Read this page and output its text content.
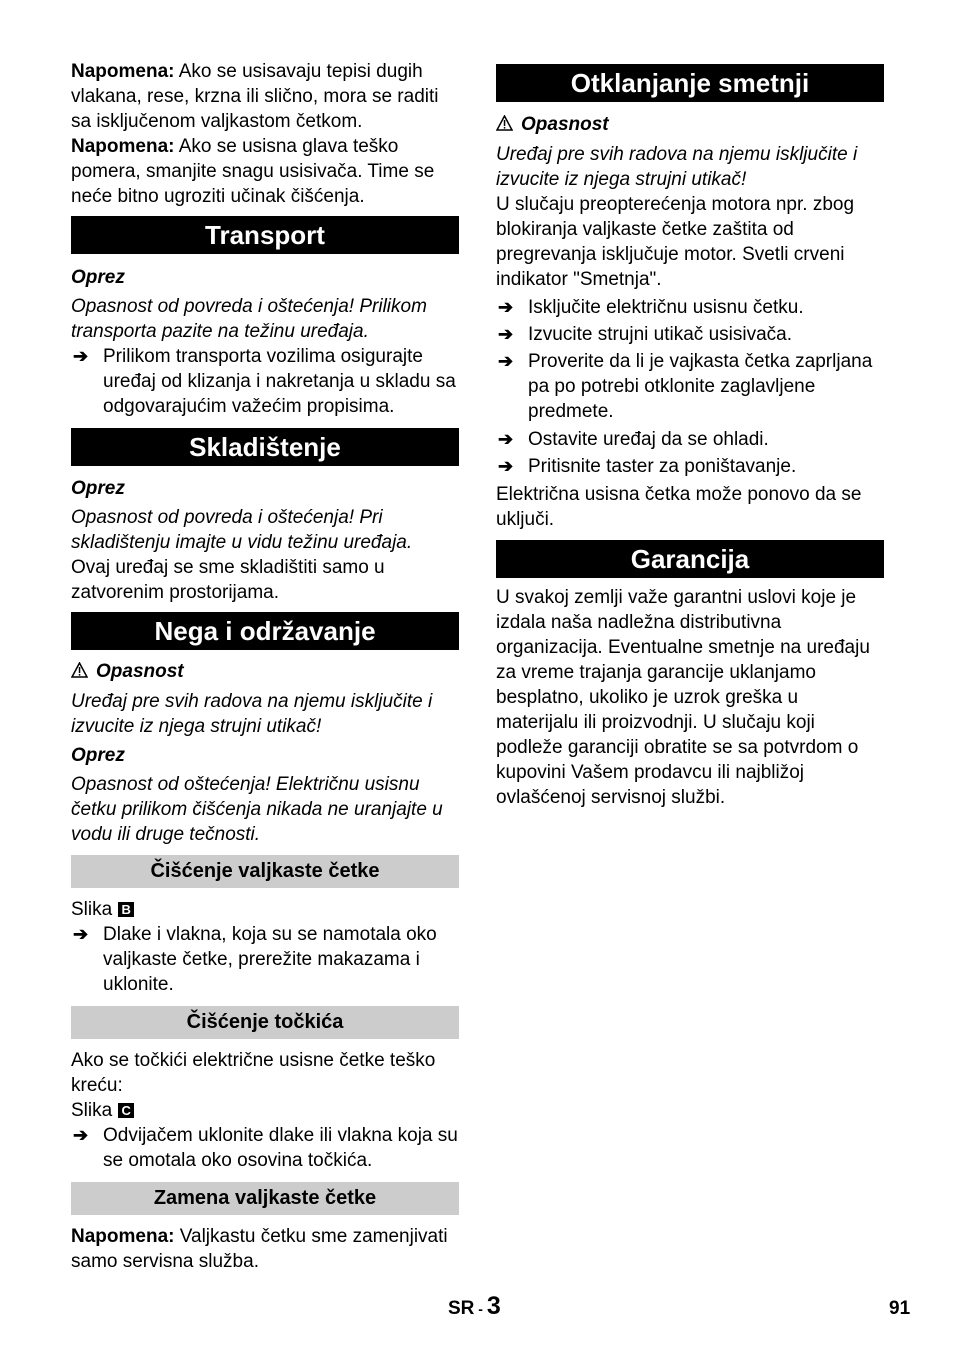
Napomena: Ako se usisavaju tepisi dugih vlakana, rese, krzna ili slično, mora se raditi sa isključenom valjkastom četkom.

Napomena: Ako se usisna glava teško pomera, smanjite snagu usisivača. Time se neće bitno ugroziti učinak čišćenja.

Transport

Oprez

Opasnost od povreda i oštećenja! Prilikom transporta pazite na težinu uređaja.

➔ Prilikom transporta vozilima osigurajte uređaj od klizanja i nakretanja u skladu sa odgovarajućim važećim propisima.
Skladištenje

Oprez

Opasnost od povreda i oštećenja! Pri skladištenju imajte u vidu težinu uređaja.

Ovaj uređaj se sme skladištiti samo u zatvorenim prostorijama.

Nega i održavanje

Opasnost

Uređaj pre svih radova na njemu isključite i izvucite iz njega strujni utikač!

Oprez

Opasnost od oštećenja! Električnu usisnu četku prilikom čišćenja nikada ne uranjajte u vodu ili druge tečnosti.

Čišćenje valjkaste četke

Slika B

➔ Dlake i vlakna, koja su se namotala oko valjkaste četke, prerežite makazama i uklonite.
Čišćenje točkića

Ako se točkići električne usisne četke teško kreću:

Slika C

➔ Odvijačem uklonite dlake ili vlakna koja su se omotala oko osovina točkića.
Zamena valjkaste četke

Napomena: Valjkastu četku sme zamenjivati samo servisna služba.

Otklanjanje smetnji

Opasnost

Uređaj pre svih radova na njemu isključite i izvucite iz njega strujni utikač!

U slučaju preopterećenja motora npr. zbog blokiranja valjkaste četke zaštita od pregrevanja isključuje motor. Svetli crveni indikator "Smetnja".

➔ Isključite električnu usisnu četku.
➔ Izvucite strujni utikač usisivača.
➔ Proverite da li je vajkasta četka zaprljana pa po potrebi otklonite zaglavljene predmete.
➔ Ostavite uređaj da se ohladi.
➔ Pritisnite taster za poništavanje.

Električna usisna četka može ponovo da se uključi.

Garancija

U svakoj zemlji važe garantni uslovi koje je izdala naša nadležna distributivna organizacija. Eventualne smetnje na uređaju za vreme trajanja garancije uklanjamo besplatno, ukoliko je uzrok greška u materijalu ili proizvodnji. U slučaju koji podleže garanciji obratite se sa potvrdom o kupovini Vašem prodavcu ili najbližoj ovlašćenoj servisnoj službi.

SR - 3	91
